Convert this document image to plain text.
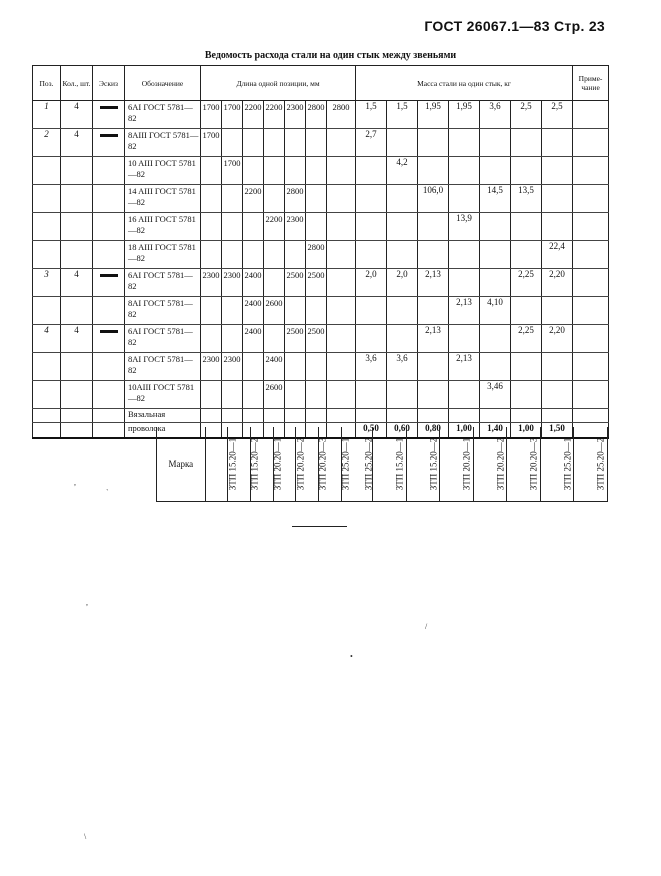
ГОСТ 26067.1—83 Стр. 23
Ведомость расхода стали на один стык между звеньями
Поз.	Кол., шт.	Эскиз	Обозначение	Длина одной позиции, мм							Масса стали на один стык, кг							Приме- чание
1	4		6AI ГОСТ 5781—82	1700	1700	2200	2200	2300	2800	2800	1,5	1,5	1,95	1,95	3,6	2,5	2,5	
2	4		8AIII ГОСТ 5781—82	1700							2,7							
			10 AIII ГОСТ 5781—82		1700							4,2						
			14 AIII ГОСТ 5781—82			2200		2800					106,0		14,5	13,5		
			16 AIII ГОСТ 5781—82				2200	2300						13,9				
			18 AIII ГОСТ 5781—82						2800								22,4	
3	4		6AI ГОСТ 5781—82	2300	2300	2400		2500	2500		2,0	2,0	2,13			2,25	2,20	
			8AI ГОСТ 5781—82			2400	2600							2,13	4,10			
4	4		6AI ГОСТ 5781—82			2400		2500	2500				2,13			2,25	2,20	
			8AI ГОСТ 5781—82	2300	2300		2400				3,6	3,6		2,13				
			10AIII ГОСТ 5781—82				2600								3,46			
			Вязальная															
			проволока								0,50	0,60	0,80	1,00	1,40	1,00	1,50	
Марка	ЗТП 15.20—1	ЗТП 15.20—2	ЗТП 20.20—1	ЗТП 20.20—2	ЗТП 20.20—3	ЗТП 25.20—1	ЗТП 25.20—2	ЗТП 15.20—1	ЗТП 15.20—2	ЗТП 20.20—1	ЗТП 20.20—2	ЗТП 20.20—3	ЗТП 25.20—1	ЗТП 25.20—2
,
`
,
•
/
\
